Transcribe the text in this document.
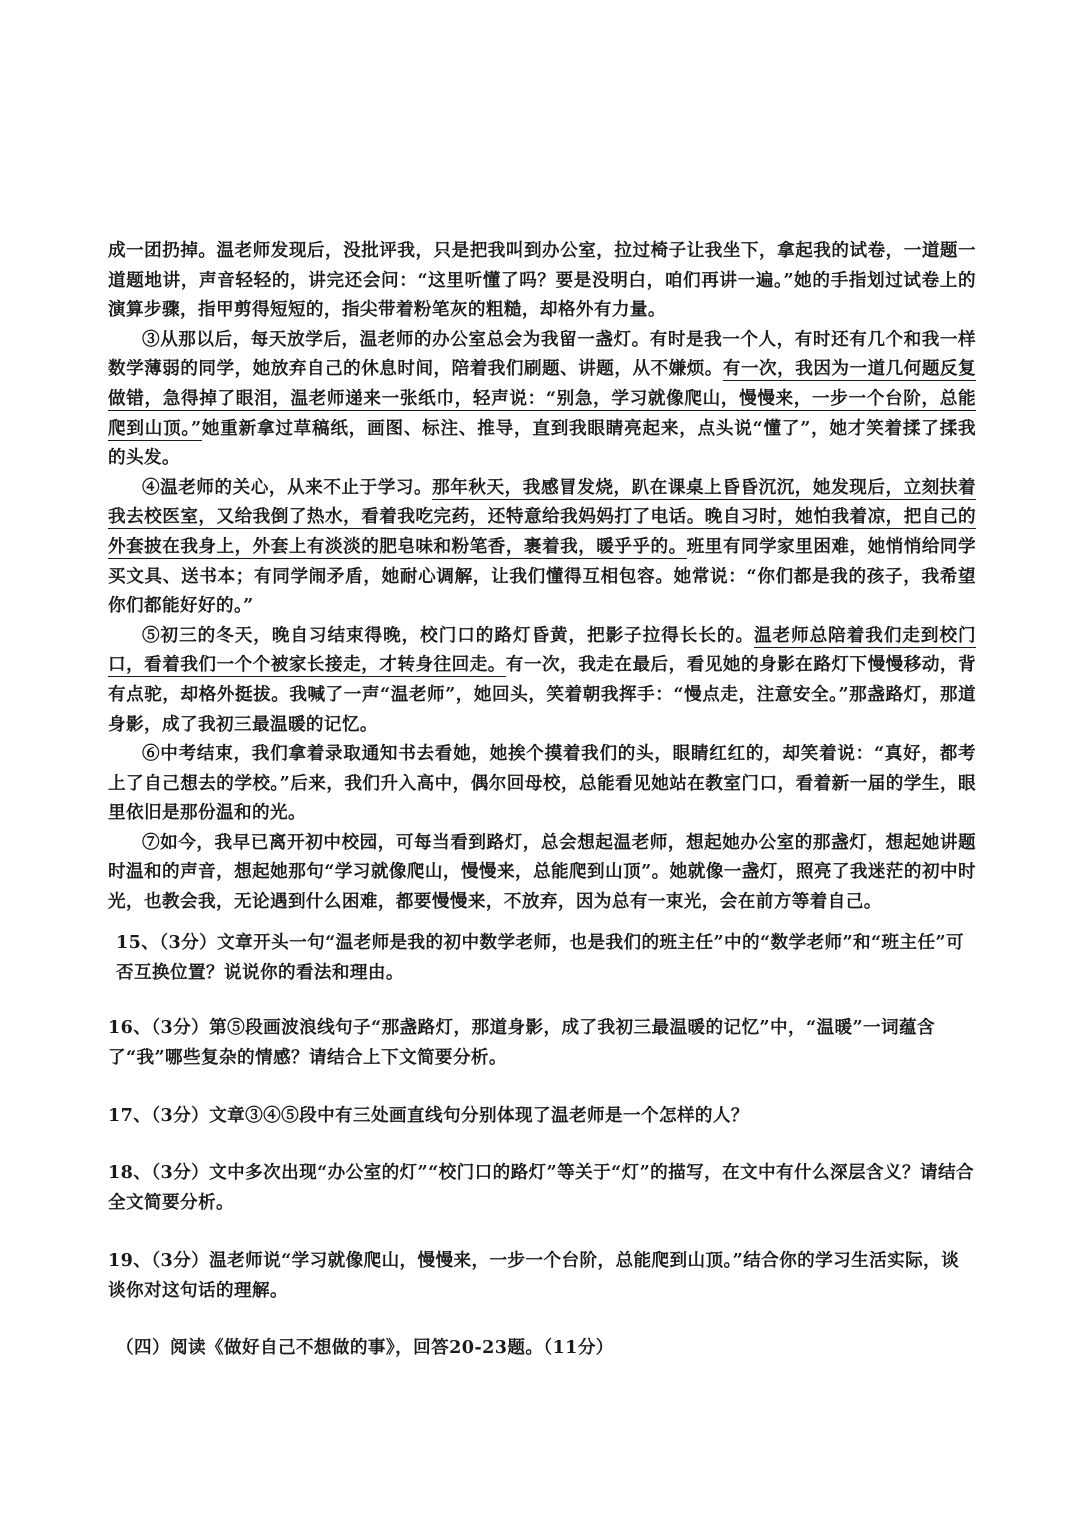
成一团扔掉。温老师发现后，没批评我，只是把我叫到办公室，拉过椅子让我坐下，拿起我的试卷，一道题一道题地讲，声音轻轻的，讲完还会问：“这里听懂了吗？要是没明白，咱们再讲一遍。”她的手指划过试卷上的演算步骤，指甲剪得短短的，指尖带着粉笔灰的粗糙，却格外有力量。

③从那以后，每天放学后，温老师的办公室总会为我留一盏灯。有时是我一个人，有时还有几个和我一样数学薄弱的同学，她放弃自己的休息时间，陪着我们刷题、讲题，从不嫌烦。有一次，我因为一道几何题反复做错，急得掉了眼泪，温老师递来一张纸巾，轻声说：“别急，学习就像爬山，慢慢来，一步一个台阶，总能爬到山顶。”她重新拿过草稿纸，画图、标注、推导，直到我眼睛亮起来，点头说“懂了”，她才笑着揉了揉我的头发。

④温老师的关心，从来不止于学习。那年秋天，我感冒发烧，趴在课桌上昏昏沉沉，她发现后，立刻扶着我去校医室，又给我倒了热水，看着我吃完药，还特意给我妈妈打了电话。晚自习时，她怕我着凉，把自己的外套披在我身上，外套上有淡淡的肥皂味和粉笔香，裹着我，暖乎乎的。班里有同学家里困难，她悄悄给同学买文具、送书本；有同学闹矛盾，她耐心调解，让我们懂得互相包容。她常说：“你们都是我的孩子，我希望你们都能好好的。”

⑤初三的冬天，晚自习结束得晚，校门口的路灯昏黄，把影子拉得长长的。温老师总陪着我们走到校门口，看着我们一个个被家长接走，才转身往回走。有一次，我走在最后，看见她的身影在路灯下慢慢移动，背有点驼，却格外挺拔。我喊了一声“温老师”，她回头，笑着朝我挥手：“慢点走，注意安全。”那盏路灯，那道身影，成了我初三最温暖的记忆。

⑥中考结束，我们拿着录取通知书去看她，她挨个摸着我们的头，眼睛红红的，却笑着说：“真好，都考上了自己想去的学校。”后来，我们升入高中，偶尔回母校，总能看见她站在教室门口，看着新一届的学生，眼里依旧是那份温和的光。

⑦如今，我早已离开初中校园，可每当看到路灯，总会想起温老师，想起她办公室的那盏灯，想起她讲题时温和的声音，想起她那句“学习就像爬山，慢慢来，总能爬到山顶”。她就像一盏灯，照亮了我迷茫的初中时光，也教会我，无论遇到什么困难，都要慢慢来，不放弃，因为总有一束光，会在前方等着自己。

15、（3分）文章开头一句“温老师是我的初中数学老师，也是我们的班主任”中的“数学老师”和“班主任”可否互换位置？说说你的看法和理由。

16、（3分）第⑤段画波浪线句子“那盏路灯，那道身影，成了我初三最温暖的记忆”中，“温暖”一词蕴含了“我”哪些复杂的情感？请结合上下文简要分析。

17、（3分）文章③④⑤段中有三处画直线句分别体现了温老师是一个怎样的人？

18、（3分）文中多次出现“办公室的灯”“校门口的路灯”等关于“灯”的描写，在文中有什么深层含义？请结合全文简要分析。

19、（3分）温老师说“学习就像爬山，慢慢来，一步一个台阶，总能爬到山顶。”结合你的学习生活实际，谈谈你对这句话的理解。

（四）阅读《做好自己不想做的事》，回答20-23题。（11分）
